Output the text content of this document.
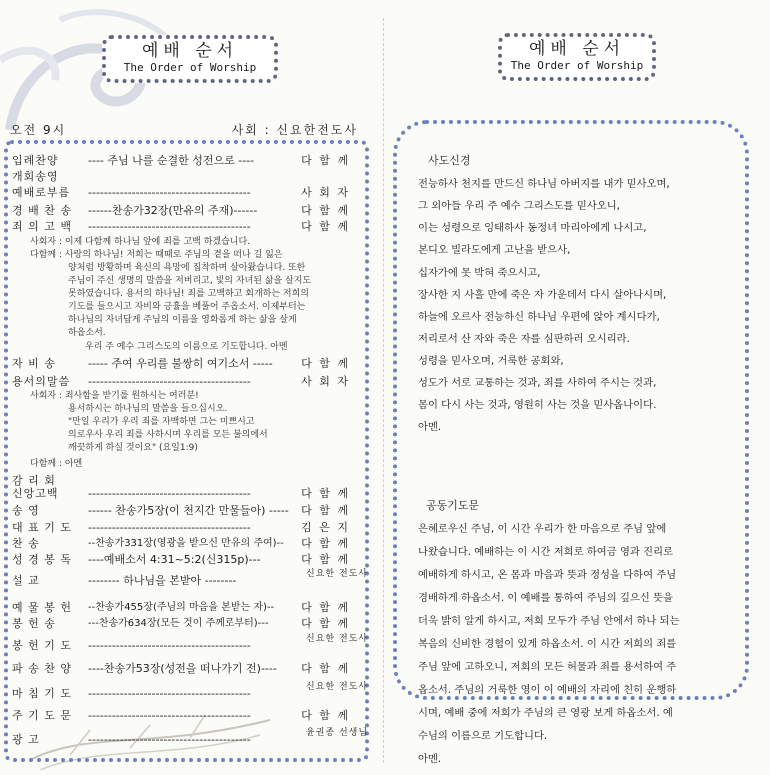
예배 순서
The Order of Worship
오전 9시	사회 : 신요한전도사
입례찬양	---- 주님 나를 순결한 성전으로 ----	다 함 께
개회송영
예배로부름 -----------------------------------------	사 회 자
경 배 찬 송 ------찬송가32장(만유의 주재)------	다 함 께
죄 의 고 백 -----------------------------------------	다 함 께
사회자 : 이제 다함께 하나님 앞에 죄를 고백 하겠습니다.
다함께 : 사랑의 하나님! 저희는 때때로 주님의 곁을 떠나 길 잃은
양처럼 방황하며 육신의 욕망에 집착하며 살아왔습니다. 또한
주님이 주신 생명의 말씀을 저버리고, 빛의 자녀된 삶을 살지도
못하였습니다. 용서의 하나님! 죄를 고백하고 회개하는 저희의
기도를 들으시고 자비와 긍휼을 베풀어 주옵소서. 이제부터는
하나님의 자녀답게 주님의 이름을 영화롭게 하는 삶을 살게
하옵소서.
우리 주 예수 그리스도의 이름으로 기도합니다. 아멘
자 비 송	----- 주여 우리를 불쌍히 여기소서 -----	다 함 께
용서의말씀 -----------------------------------------	사 회 자
사회자 : 죄사함을 받기를 원하시는 여러분!
용서하시는 하나님의 말씀을 들으십시오.
"만일 우리가 우리 죄를 자백하면 그는 미쁘시고
의로우사 우리 죄를 사하시며 우리를 모든 불의에서
깨끗하게 하실 것이요" (요일1:9)
다함께 : 아멘
감 리 회
신앙고백	-----------------------------------------	다 함 께
송 영	------ 찬송가5장(이 천지간 만물들아) ----- 다 함 께
대 표 기 도 -----------------------------------------	김 은 지
찬 송	--찬송가331장(영광을 받으신 만유의 주여)-- 다 함 께
성 경 봉 독 ----예배소서 4:31~5:2(신315p)---	다 함 께
설 교	-------- 하나님을 본받아 --------	신요한 전도사
예 물 봉 헌 --찬송가455장(주님의 마음을 본받는 자)-- 다 함 께
봉 헌 송	---찬송가634장(모든 것이 주께로부터)---	다 함 께
봉 헌 기 도 -----------------------------------------	신요한 전도사
파 송 찬 양 ----찬송가53장(성전을 떠나가기 전)---- 다 함 께
마 침 기 도 -----------------------------------------	신요한 전도사
주 기 도 문 -----------------------------------------	다 함 께
광 고	-----------------------------------------	윤권종 선생님
예배 순서
The Order of Worship
사도신경
전능하사 천지를 만드신 하나님 아버지를 내가 믿사오며,
그 외아들 우리 주 예수 그리스도를 믿사오니,
이는 성령으로 잉태하사 동정녀 마리아에게 나시고,
본디오 빌라도에게 고난을 받으사,
십자가에 못 박혀 죽으시고,
장사한 지 사흘 만에 죽은 자 가운데서 다시 살아나시며,
하늘에 오르사 전능하신 하나님 우편에 앉아 계시다가,
저리로서 산 자와 죽은 자를 심판하러 오시리라.
성령을 믿사오며, 거룩한 공회와,
성도가 서로 교통하는 것과, 죄를 사하여 주시는 것과,
몸이 다시 사는 것과, 영원히 사는 것을 믿사옵나이다.
아멘.
공동기도문
은혜로우신 주님, 이 시간 우리가 한 마음으로 주님 앞에
나왔습니다. 예배하는 이 시간 저희로 하여금 영과 진리로
예배하게 하시고, 온 몸과 마음과 뜻과 정성을 다하여 주님
경배하게 하옵소서. 이 예배를 통하여 주님의 깊으신 뜻을
더욱 밝히 알게 하시고, 저희 모두가 주님 안에서 하나 되는
복음의 신비한 경험이 있게 하옵소서. 이 시간 저희의 죄를
주님 앞에 고하오니, 저희의 모든 허물과 죄를 용서하여 주
옵소서. 주님의 거룩한 영이 이 예배의 자리에 친히 운행하
시며, 예배 중에 저희가 주님의 큰 영광 보게 하옵소서. 예
수님의 이름으로 기도합니다.
아멘.
